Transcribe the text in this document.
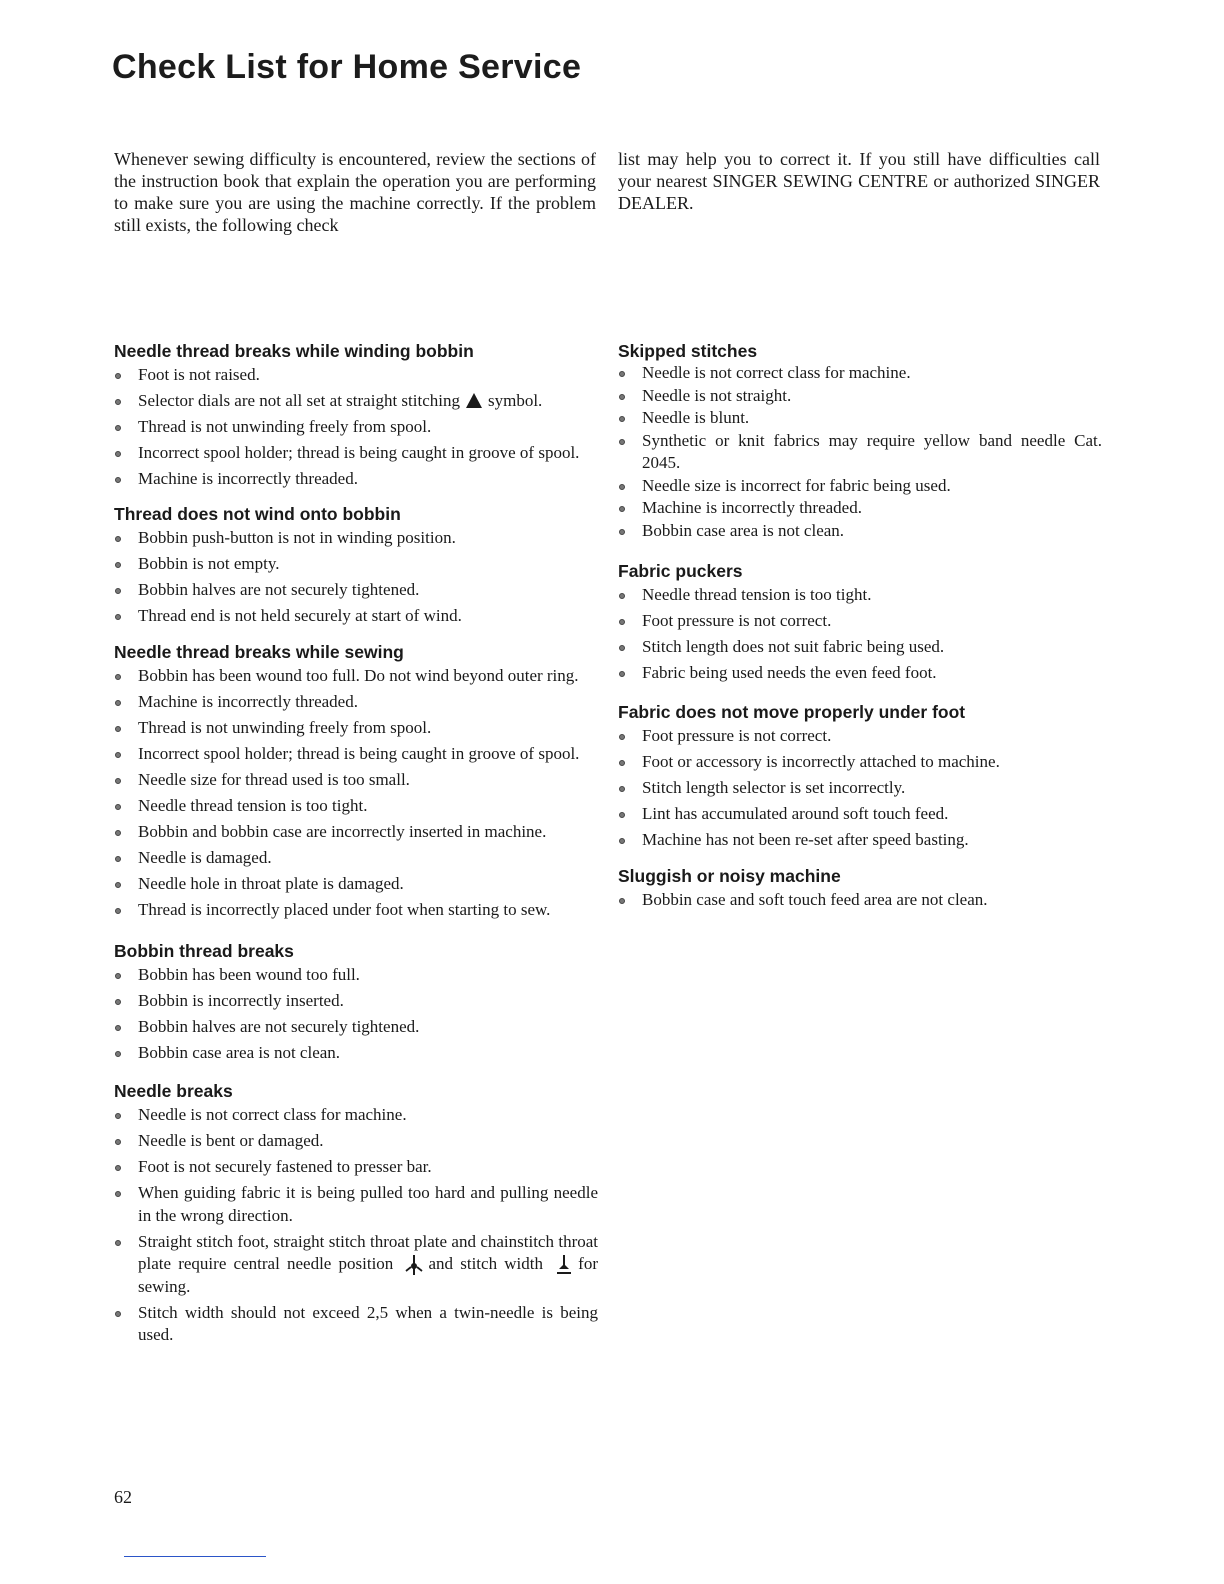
Check List for Home Service

Whenever sewing difficulty is encountered, review the sections of the instruction book that explain the operation you are performing to make sure you are using the machine correctly. If the problem still exists, the following check

list may help you to correct it. If you still have difficulties call your nearest SINGER SEWING CENTRE or authorized SINGER DEALER.

Needle thread breaks while winding bobbin
Foot is not raised.
Selector dials are not all set at straight stitching symbol.
Thread is not unwinding freely from spool.
Incorrect spool holder; thread is being caught in groove of spool.
Machine is incorrectly threaded.
Thread does not wind onto bobbin
Bobbin push-button is not in winding position.
Bobbin is not empty.
Bobbin halves are not securely tightened.
Thread end is not held securely at start of wind.
Needle thread breaks while sewing
Bobbin has been wound too full. Do not wind beyond outer ring.
Machine is incorrectly threaded.
Thread is not unwinding freely from spool.
Incorrect spool holder; thread is being caught in groove of spool.
Needle size for thread used is too small.
Needle thread tension is too tight.
Bobbin and bobbin case are incorrectly inserted in machine.
Needle is damaged.
Needle hole in throat plate is damaged.
Thread is incorrectly placed under foot when starting to sew.
Bobbin thread breaks
Bobbin has been wound too full.
Bobbin is incorrectly inserted.
Bobbin halves are not securely tightened.
Bobbin case area is not clean.
Needle breaks
Needle is not correct class for machine.
Needle is bent or damaged.
Foot is not securely fastened to presser bar.
When guiding fabric it is being pulled too hard and pulling needle in the wrong direction.
Straight stitch foot, straight stitch throat plate and chainstitch throat plate require central needle position and stitch width for sewing.
Stitch width should not exceed 2,5 when a twin-needle is being used.
Skipped stitches
Needle is not correct class for machine.
Needle is not straight.
Needle is blunt.
Synthetic or knit fabrics may require yellow band needle Cat. 2045.
Needle size is incorrect for fabric being used.
Machine is incorrectly threaded.
Bobbin case area is not clean.
Fabric puckers
Needle thread tension is too tight.
Foot pressure is not correct.
Stitch length does not suit fabric being used.
Fabric being used needs the even feed foot.
Fabric does not move properly under foot
Foot pressure is not correct.
Foot or accessory is incorrectly attached to machine.
Stitch length selector is set incorrectly.
Lint has accumulated around soft touch feed.
Machine has not been re-set after speed basting.
Sluggish or noisy machine
Bobbin case and soft touch feed area are not clean.
62
